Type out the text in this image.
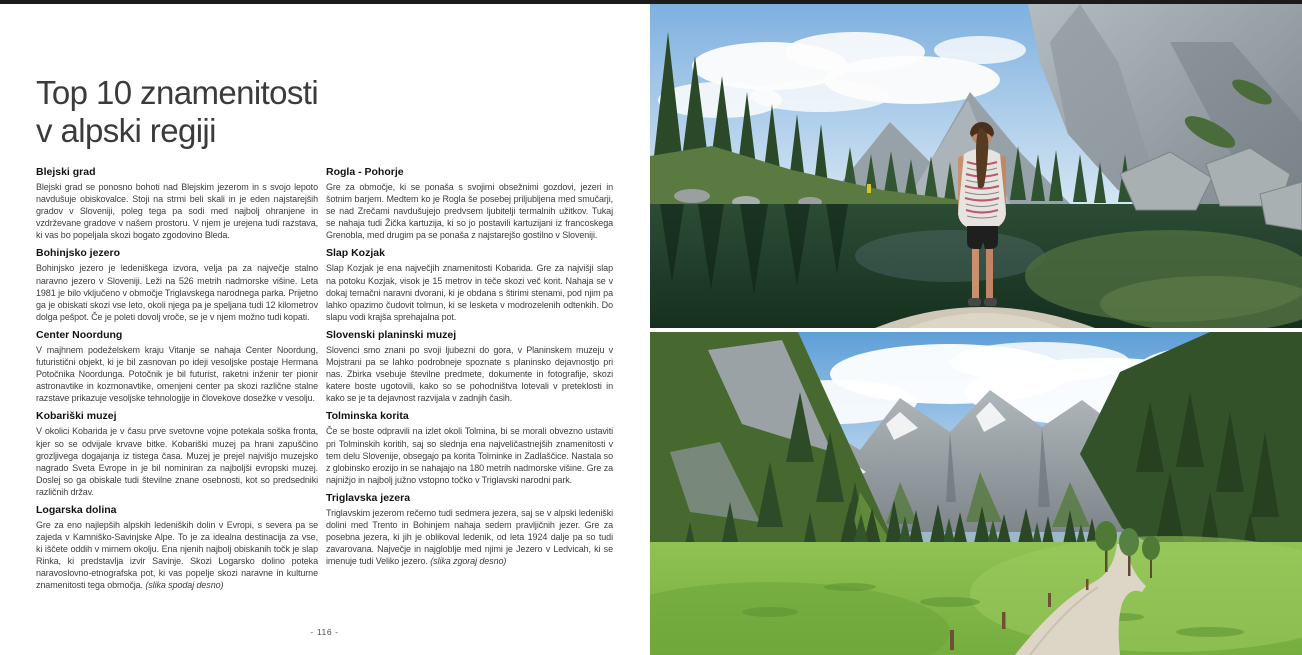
Top 10 znamenitosti
v alpski regiji
Blejski grad

Blejski grad se ponosno bohoti nad Blejskim jezerom in s svojo lepoto navdušuje obiskovalce. Stoji na strmi beli skali in je eden najstarejših gradov v Sloveniji, poleg tega pa sodi med najbolj ohranjene in vzdrževane gradove v našem prostoru. V njem je urejena tudi razstava, ki vas bo popeljala skozi bogato zgodovino Bleda.

Bohinjsko jezero

Bohinjsko jezero je ledeniškega izvora, velja pa za največje stalno naravno jezero v Sloveniji. Leži na 526 metrih nadmorske višine. Leta 1981 je bilo vključeno v območje Triglavskega narodnega parka. Prijetno ga je obiskati skozi vse leto, okoli njega pa je speljana tudi 12 kilometrov dolga pešpot. Če je poleti dovolj vroče, se je v njem možno tudi kopati.

Center Noordung

V majhnem podeželskem kraju Vitanje se nahaja Center Noordung, futuristični objekt, ki je bil zasnovan po ideji vesoljske postaje Hermana Potočnika Noordunga. Potočnik je bil futurist, raketni inženir ter pionir astronavtike in kozmonavtike, omenjeni center pa skozi različne stalne razstave prikazuje vesoljske tehnologije in človekove dosežke v vesolju.

Kobariški muzej

V okolici Kobarida je v času prve svetovne vojne potekala soška fronta, kjer so se odvijale krvave bitke. Kobariški muzej pa hrani zapuščino grozljivega dogajanja iz tistega časa. Muzej je prejel najvišjo muzejsko nagrado Sveta Evrope in je bil nominiran za najboljši evropski muzej. Doslej so ga obiskale tudi številne znane osebnosti, kot so predsedniki različnih držav.

Logarska dolina

Gre za eno najlepših alpskih ledeniških dolin v Evropi, s severa pa se zajeda v Kamniško-Savinjske Alpe. To je za idealna destinacija za vse, ki iščete oddih v mirnem okolju. Ena njenih najbolj obiskanih točk je slap Rinka, ki predstavlja izvir Savinje. Skozi Logarsko dolino poteka naravoslovno-etnografska pot, ki vas popelje skozi naravne in kulturne znamenitosti tega območja. (slika spodaj desno)

Rogla - Pohorje

Gre za območje, ki se ponaša s svojimi obsežnimi gozdovi, jezeri in šotnim barjem. Medtem ko je Rogla še posebej priljubljena med smučarji, se nad Zrečami navdušujejo predvsem ljubitelji termalnih užitkov. Tukaj se nahaja tudi Žička kartuzija, ki so jo postavili kartuzijani iz francoskega Grenobla, med drugim pa se ponaša z najstarejšo gostilno v Sloveniji.

Slap Kozjak

Slap Kozjak je ena največjih znamenitosti Kobarida. Gre za najvišji slap na potoku Kozjak, visok je 15 metrov in teče skozi več korit. Nahaja se v dokaj temačni naravni dvorani, ki je obdana s štirimi stenami, pod njim pa lahko opazimo čudovit tolmun, ki se lesketa v modrozelenih odtenkih. Do slapu vodi krajša sprehajalna pot.

Slovenski planinski muzej

Slovenci smo znani po svoji ljubezni do gora, v Planinskem muzeju v Mojstrani pa se lahko podrobneje spoznate s planinsko dejavnostjo pri nas. Zbirka vsebuje številne predmete, dokumente in fotografije, skozi katere boste ugotovili, kako so se pohodništva lotevali v preteklosti in kako se je ta dejavnost razvijala v zadnjih časih.

Tolminska korita

Če se boste odpravili na izlet okoli Tolmina, bi se morali obvezno ustaviti pri Tolminskih koritih, saj so slednja ena najveličastnejših znamenitosti v tem delu Slovenije, obsegajo pa korita Tolminke in Zadlaščice. Nastala so z globinsko erozijo in se nahajajo na 180 metrih nadmorske višine. Gre za najnižjo in najbolj južno vstopno točko v Triglavski narodni park.

Triglavska jezera

Triglavskim jezerom rečemo tudi sedmera jezera, saj se v alpski ledeniški dolini med Trento in Bohinjem nahaja sedem pravljičnih jezer. Gre za posebna jezera, ki jih je oblikoval ledenik, od leta 1924 dalje pa so tudi zavarovana. Največje in najgloblje med njimi je Jezero v Ledvicah, ki se imenuje tudi Veliko jezero. (slika zgoraj desno)

- 116 -
